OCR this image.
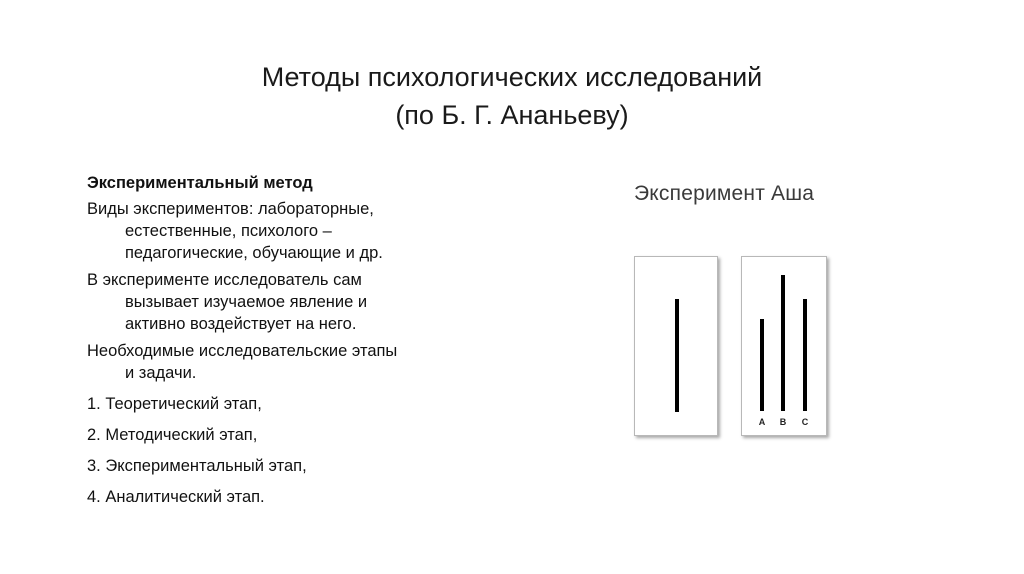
Методы психологических исследований
(по Б. Г. Ананьеву)
Экспериментальный метод
Виды экспериментов: лабораторные,
естественные, психолого –
педагогические, обучающие и др.
В эксперименте исследователь сам
вызывает изучаемое явление и
активно воздействует на него.
Необходимые исследовательские этапы
и задачи.
1. Теоретический этап,
2. Методический этап,
3. Экспериментальный этап,
4. Аналитический этап.
Эксперимент Аша
A	B	C
